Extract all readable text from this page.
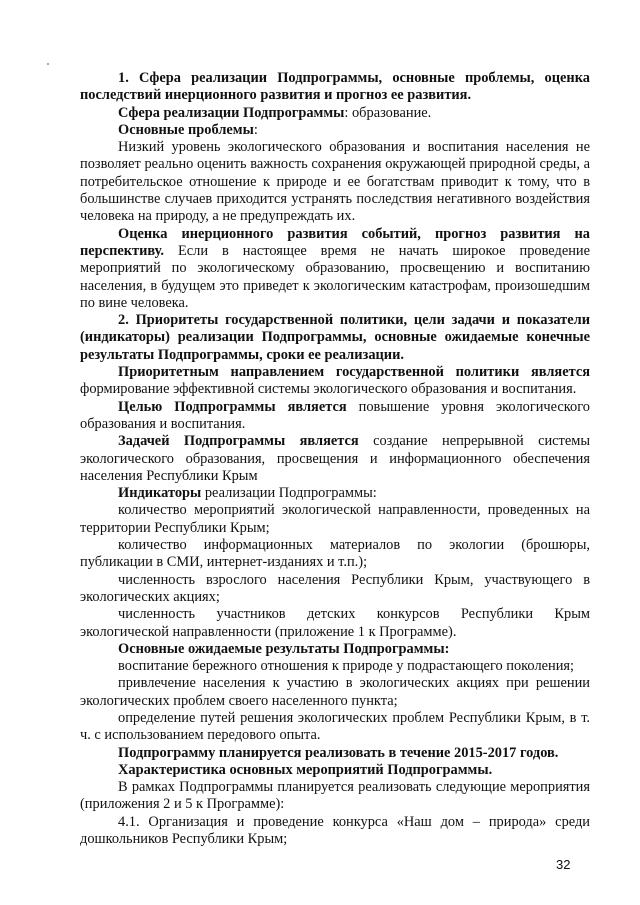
1. Сфера реализации Подпрограммы, основные проблемы, оценка последствий инерционного развития и прогноз ее развития.

Сфера реализации Подпрограммы: образование.

Основные проблемы:

Низкий уровень экологического образования и воспитания населения не позволяет реально оценить важность сохранения окружающей природной среды, а потребительское отношение к природе и ее богатствам приводит к тому, что в большинстве случаев приходится устранять последствия негативного воздействия человека на природу, а не предупреждать их.

Оценка инерционного развития событий, прогноз развития на перспективу. Если в настоящее время не начать широкое проведение мероприятий по экологическому образованию, просвещению и воспитанию населения, в будущем это приведет к экологическим катастрофам, произошедшим по вине человека.

2. Приоритеты государственной политики, цели задачи и показатели (индикаторы) реализации Подпрограммы, основные ожидаемые конечные результаты Подпрограммы, сроки ее реализации.

Приоритетным направлением государственной политики является формирование эффективной системы экологического образования и воспитания.

Целью Подпрограммы является повышение уровня экологического образования и воспитания.

Задачей Подпрограммы является создание непрерывной системы экологического образования, просвещения и информационного обеспечения населения Республики Крым

Индикаторы реализации Подпрограммы:

количество мероприятий экологической направленности, проведенных на территории Республики Крым;

количество информационных материалов по экологии (брошюры, публикации в СМИ, интернет-изданиях и т.п.);

численность взрослого населения Республики Крым, участвующего в экологических акциях;

численность участников детских конкурсов Республики Крым экологической направленности (приложение 1 к Программе).

Основные ожидаемые результаты Подпрограммы:

воспитание бережного отношения к природе у подрастающего поколения;

привлечение населения к участию в экологических акциях при решении экологических проблем своего населенного пункта;

определение путей решения экологических проблем Республики Крым, в т. ч. с использованием передового опыта.

Подпрограмму планируется реализовать в течение 2015-2017 годов.

Характеристика основных мероприятий Подпрограммы.

В рамках Подпрограммы планируется реализовать следующие мероприятия (приложения 2 и 5 к Программе):

4.1. Организация и проведение конкурса «Наш дом – природа» среди дошкольников Республики Крым;

32
